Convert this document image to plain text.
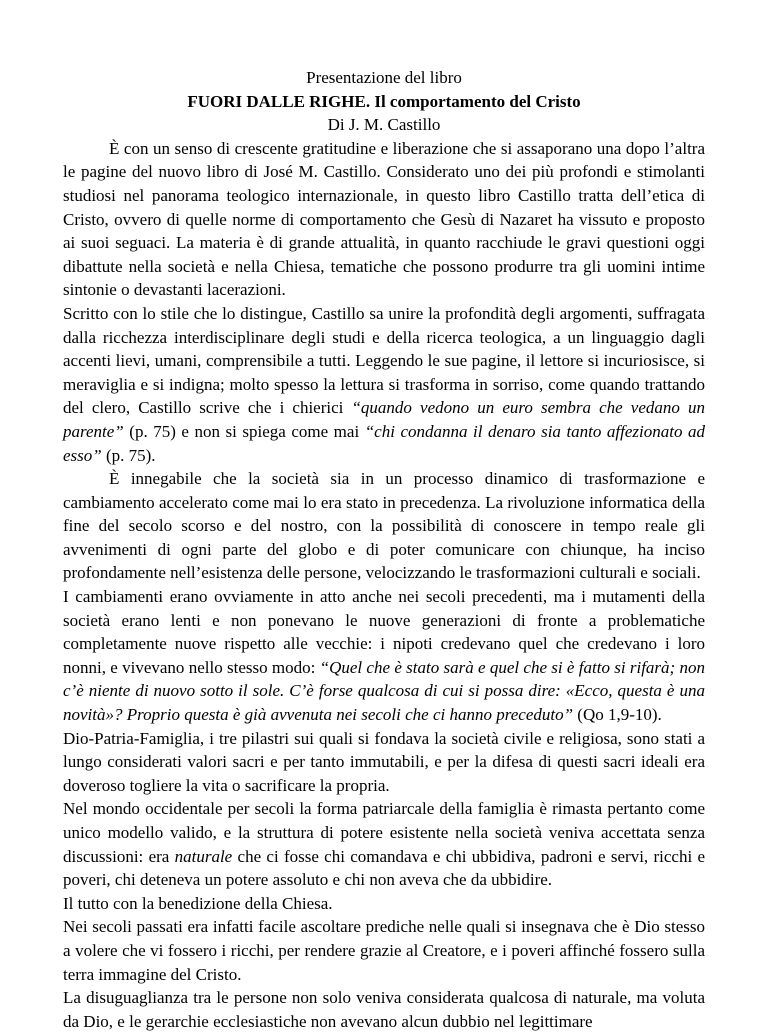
Presentazione del libro
FUORI DALLE RIGHE. Il comportamento del Cristo
Di J. M. Castillo

È con un senso di crescente gratitudine e liberazione che si assaporano una dopo l’altra le pagine del nuovo libro di José M. Castillo. Considerato uno dei più profondi e stimolanti studiosi nel panorama teologico internazionale, in questo libro Castillo tratta dell’etica di Cristo, ovvero di quelle norme di comportamento che Gesù di Nazaret ha vissuto e proposto ai suoi seguaci. La materia è di grande attualità, in quanto racchiude le gravi questioni oggi dibattute nella società e nella Chiesa, tematiche che possono produrre tra gli uomini intime sintonie o devastanti lacerazioni.

Scritto con lo stile che lo distingue, Castillo sa unire la profondità degli argomenti, suffragata dalla ricchezza interdisciplinare degli studi e della ricerca teologica, a un linguaggio dagli accenti lievi, umani, comprensibile a tutti. Leggendo le sue pagine, il lettore si incuriosisce, si meraviglia e si indigna; molto spesso la lettura si trasforma in sorriso, come quando trattando del clero, Castillo scrive che i chierici “quando vedono un euro sembra che vedano un parente” (p. 75) e non si spiega come mai “chi condanna il denaro sia tanto affezionato ad esso” (p. 75).

È innegabile che la società sia in un processo dinamico di trasformazione e cambiamento accelerato come mai lo era stato in precedenza. La rivoluzione informatica della fine del secolo scorso e del nostro, con la possibilità di conoscere in tempo reale gli avvenimenti di ogni parte del globo e di poter comunicare con chiunque, ha inciso profondamente nell’esistenza delle persone, velocizzando le trasformazioni culturali e sociali.

I cambiamenti erano ovviamente in atto anche nei secoli precedenti, ma i mutamenti della società erano lenti e non ponevano le nuove generazioni di fronte a problematiche completamente nuove rispetto alle vecchie: i nipoti credevano quel che credevano i loro nonni, e vivevano nello stesso modo: “Quel che è stato sarà e quel che si è fatto si rifarà; non c’è niente di nuovo sotto il sole. C’è forse qualcosa di cui si possa dire: «Ecco, questa è una novità»? Proprio questa è già avvenuta nei secoli che ci hanno preceduto” (Qo 1,9-10).

Dio-Patria-Famiglia, i tre pilastri sui quali si fondava la società civile e religiosa, sono stati a lungo considerati valori sacri e per tanto immutabili, e per la difesa di questi sacri ideali era doveroso togliere la vita o sacrificare la propria.

Nel mondo occidentale per secoli la forma patriarcale della famiglia è rimasta pertanto come unico modello valido, e la struttura di potere esistente nella società veniva accettata senza discussioni: era naturale che ci fosse chi comandava e chi ubbidiva, padroni e servi, ricchi e poveri, chi deteneva un potere assoluto e chi non aveva che da ubbidire.

Il tutto con la benedizione della Chiesa.

Nei secoli passati era infatti facile ascoltare prediche nelle quali si insegnava che è Dio stesso a volere che vi fossero i ricchi, per rendere grazie al Creatore, e i poveri affinché fossero sulla terra immagine del Cristo.

La disuguaglianza tra le persone non solo veniva considerata qualcosa di naturale, ma voluta da Dio, e le gerarchie ecclesiastiche non avevano alcun dubbio nel legittimare
